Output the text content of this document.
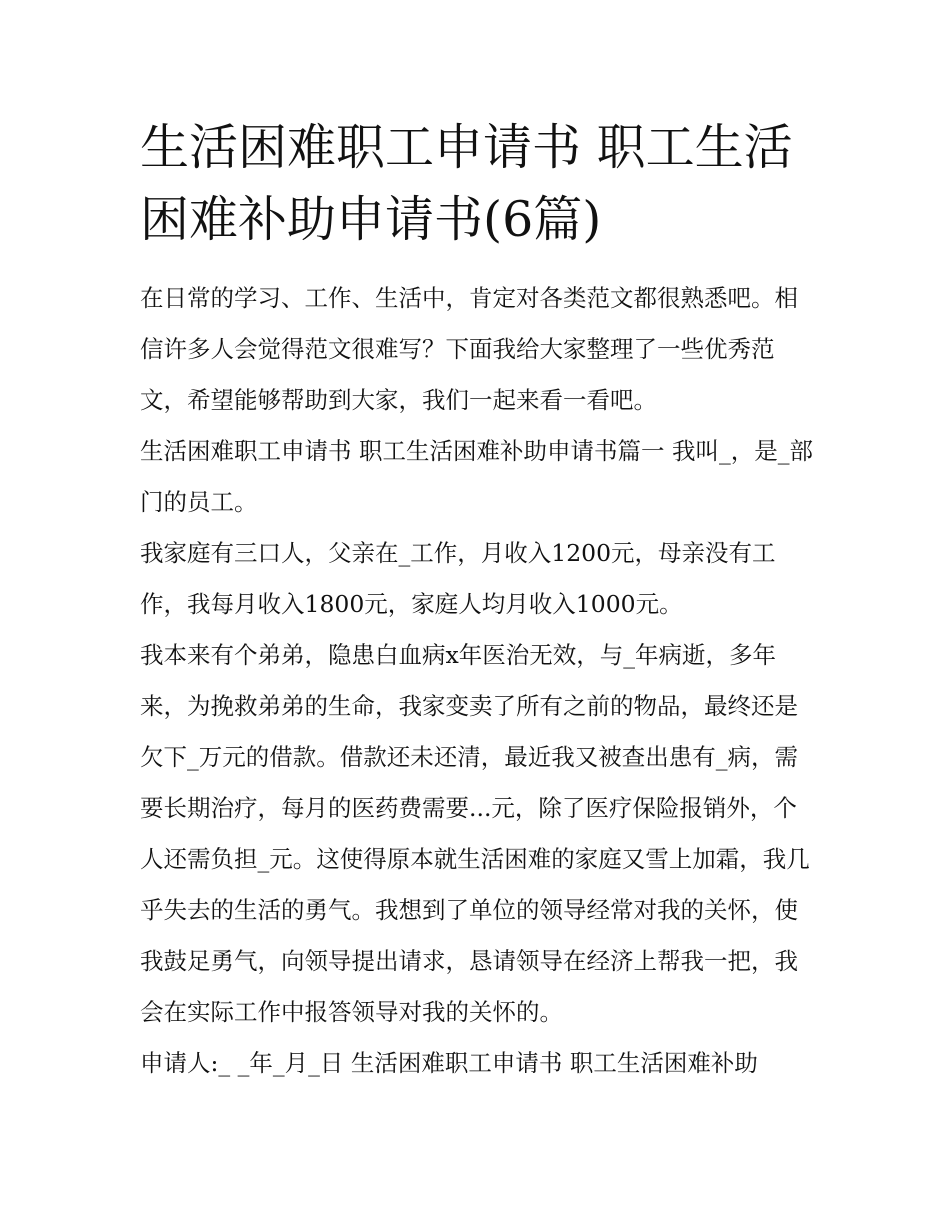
生活困难职工申请书 职工生活困难补助申请书(6篇)

在日常的学习、工作、生活中，肯定对各类范文都很熟悉吧。相信许多人会觉得范文很难写？下面我给大家整理了一些优秀范文，希望能够帮助到大家，我们一起来看一看吧。

生活困难职工申请书 职工生活困难补助申请书篇一 我叫_，是_部门的员工。

我家庭有三口人，父亲在_工作，月收入1200元，母亲没有工作，我每月收入1800元，家庭人均月收入1000元。

我本来有个弟弟，隐患白血病x年医治无效，与_年病逝，多年来，为挽救弟弟的生命，我家变卖了所有之前的物品，最终还是欠下_万元的借款。借款还未还清，最近我又被查出患有_病，需要长期治疗，每月的医药费需要...元，除了医疗保险报销外，个人还需负担_元。这使得原本就生活困难的家庭又雪上加霜，我几乎失去的生活的勇气。我想到了单位的领导经常对我的关怀，使我鼓足勇气，向领导提出请求，恳请领导在经济上帮我一把，我会在实际工作中报答领导对我的关怀的。

申请人:_ _年_月_日 生活困难职工申请书 职工生活困难补助
